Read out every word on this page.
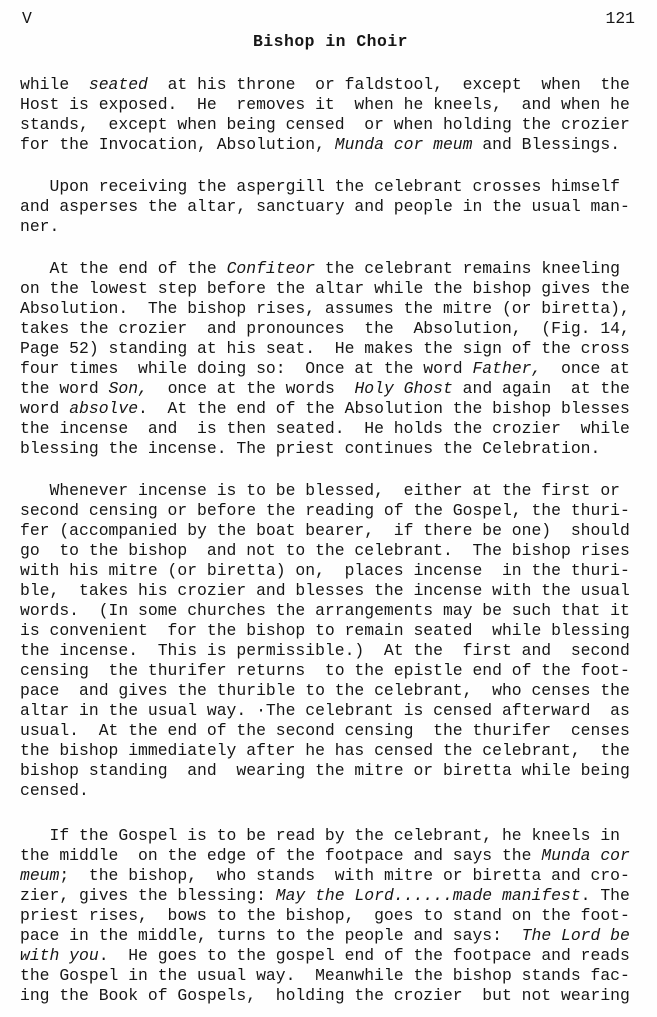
V	121
Bishop in Choir
while  seated  at his throne  or faldstool,  except  when  the
Host is exposed.  He  removes it  when he kneels,  and when he
stands,  except when being censed  or when holding the crozier
for the Invocation, Absolution, Munda cor meum and Blessings.
Upon receiving the aspergill the celebrant crosses himself
and asperses the altar, sanctuary and people in the usual man-
ner.
At the end of the Confiteor the celebrant remains kneeling
on the lowest step before the altar while the bishop gives the
Absolution.  The bishop rises, assumes the mitre (or biretta),
takes the crozier  and pronounces  the  Absolution,  (Fig. 14,
Page 52) standing at his seat.  He makes the sign of the cross
four times  while doing so:  Once at the word Father,  once at
the word Son,  once at the words  Holy Ghost and again  at the
word absolve.  At the end of the Absolution the bishop blesses
the incense  and  is then seated.  He holds the crozier  while
blessing the incense. The priest continues the Celebration.
Whenever incense is to be blessed,  either at the first or
second censing or before the reading of the Gospel, the thuri-
fer (accompanied by the boat bearer,  if there be one)  should
go  to the bishop  and not to the celebrant.  The bishop rises
with his mitre (or biretta) on,  places incense  in the thuri-
ble,  takes his crozier and blesses the incense with the usual
words.  (In some churches the arrangements may be such that it
is convenient  for the bishop to remain seated  while blessing
the incense.  This is permissible.)  At the  first and  second
censing  the thurifer returns  to the epistle end of the foot-
pace  and gives the thurible to the celebrant,  who censes the
altar in the usual way. ·The celebrant is censed afterward  as
usual.  At the end of the second censing  the thurifer  censes
the bishop immediately after he has censed the celebrant,  the
bishop standing  and  wearing the mitre or biretta while being
censed.
If the Gospel is to be read by the celebrant, he kneels in
the middle  on the edge of the footpace and says the Munda cor
meum;  the bishop,  who stands  with mitre or biretta and cro-
zier, gives the blessing: May the Lord......made manifest. The
priest rises,  bows to the bishop,  goes to stand on the foot-
pace in the middle, turns to the people and says:  The Lord be
with you.  He goes to the gospel end of the footpace and reads
the Gospel in the usual way.  Meanwhile the bishop stands fac-
ing the Book of Gospels,  holding the crozier  but not wearing
